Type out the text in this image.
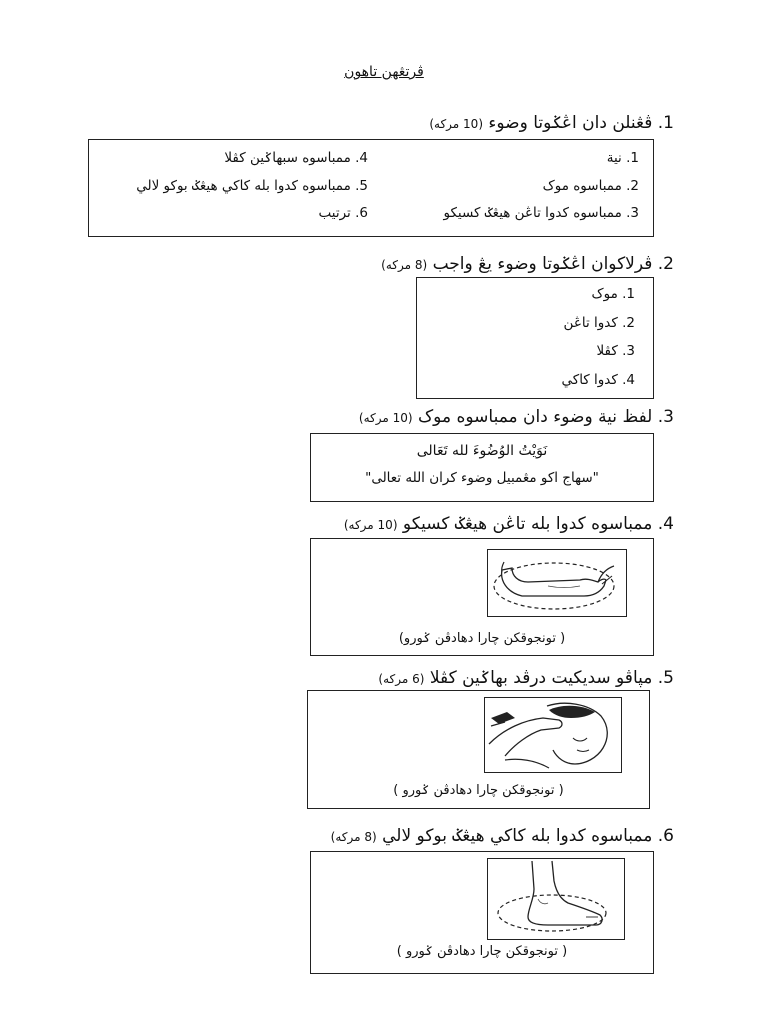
ڤرتڠهن تاهون
1. ڤڠنلن دان اڠݢوتا وضوء (10 مركه)
1. نية
2. ممباسوه موک
3. ممباسوه كدوا تاڠن هيڠݢ كسيكو
4. ممباسوه سبهاݢين كڤلا
5. ممباسوه كدوا بله كاكي هيڠݢ بوكو لالي
6. ترتيب
2. ڤرلاكوان اڠݢوتا وضوء يڠ واجب (8 مركه)
1. موک
2. كدوا تاڠن
3. كڤلا
4. كدوا كاكي
3. لفظ نية وضوء دان ممباسوه موک (10 مركه)
نَوَيْتُ الوُضُوءَ لله تَعَالى
"سهاج اكو مڠمبيل وضوء كران الله تعالى"
4. ممباسوه كدوا بله تاڠن هيڠݢ كسيكو (10 مركه)
( تونجوقكن چارا دهادڤن ݢورو)
5. مپاڤو سديكيت درڤد بهاݢين كڤلا (6 مركه)
( تونجوقكن چارا دهادڤن ݢورو )
6. ممباسوه كدوا بله كاكي هيڠݢ بوكو لالي (8 مركه)
( تونجوقكن چارا دهادڤن ݢورو )
